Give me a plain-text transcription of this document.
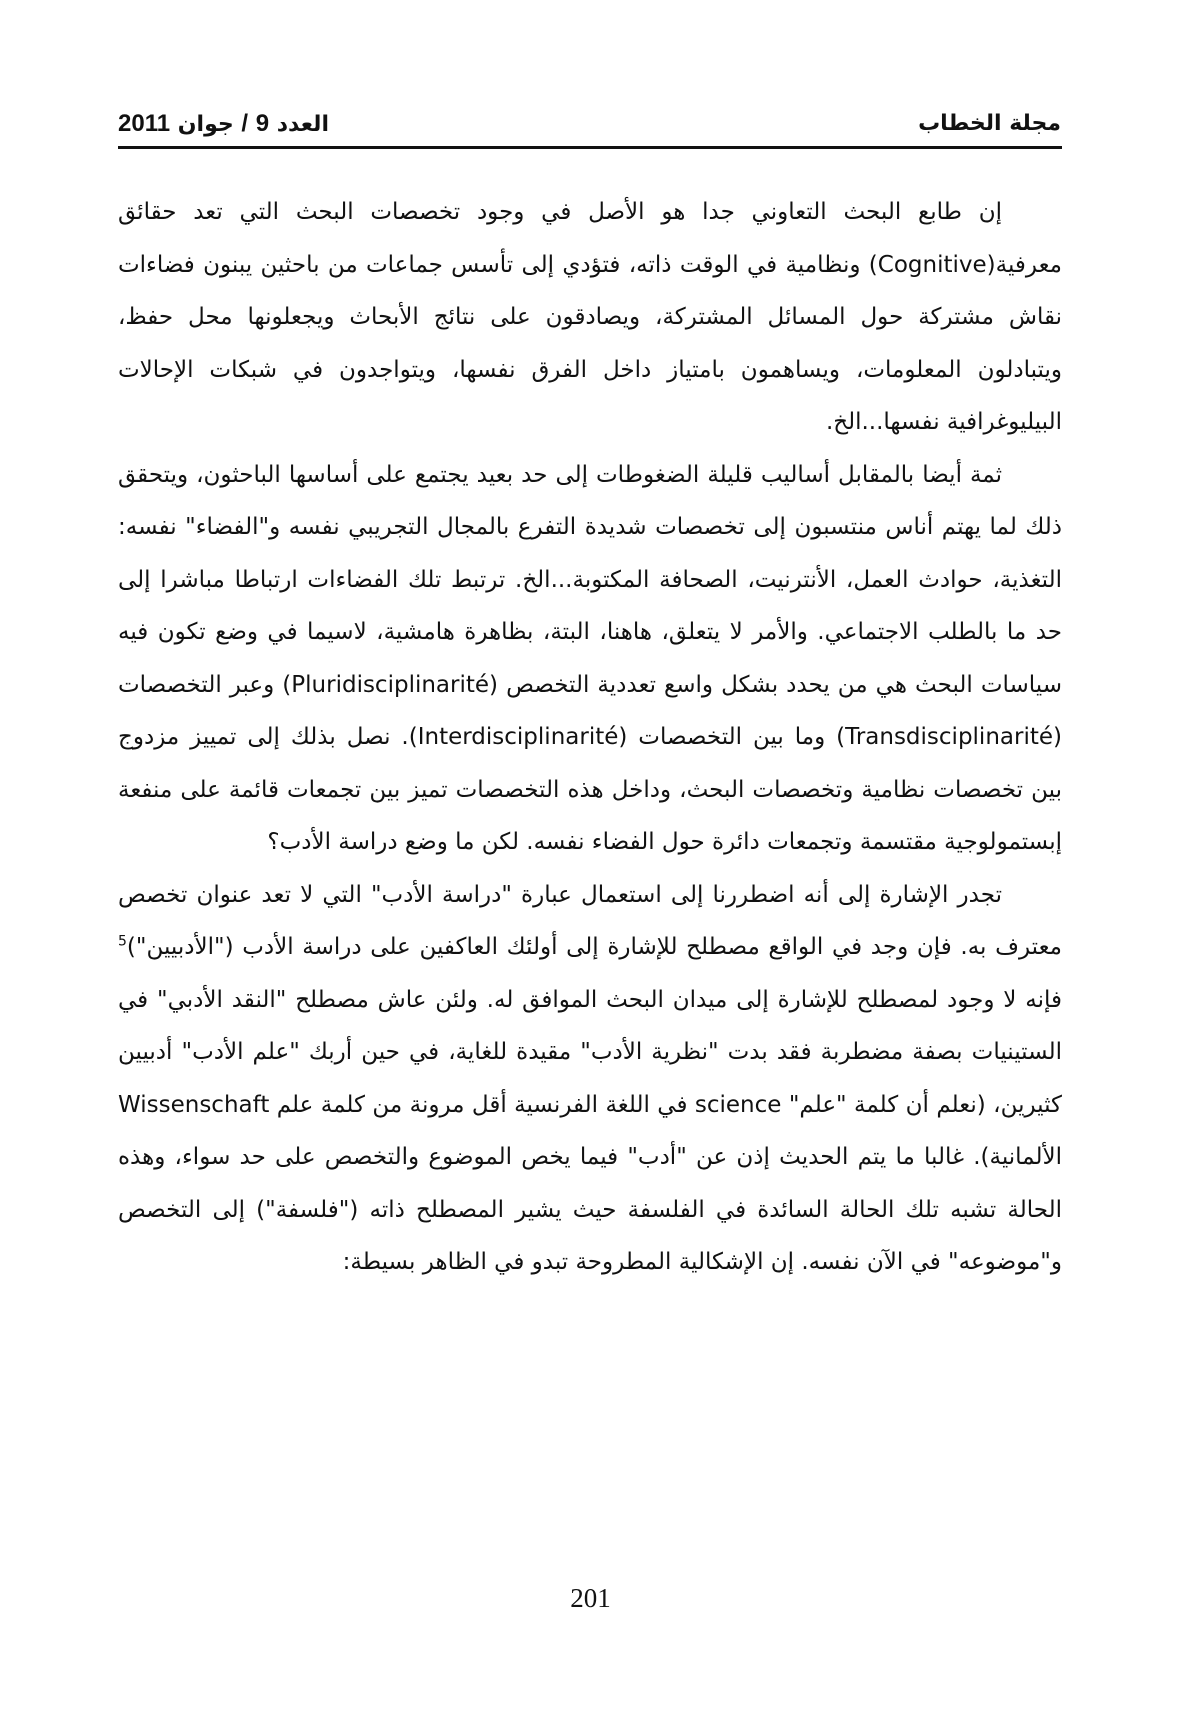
مجلة الخطاب
العدد 9 / جوان 2011

إن طابع البحث التعاوني جدا هو الأصل في وجود تخصصات البحث التي تعد حقائق معرفية(Cognitive) ونظامية في الوقت ذاته، فتؤدي إلى تأسس جماعات من باحثين يبنون فضاءات نقاش مشتركة حول المسائل المشتركة، ويصادقون على نتائج الأبحاث ويجعلونها محل حفظ، ويتبادلون المعلومات، ويساهمون بامتياز داخل الفرق نفسها، ويتواجدون في شبكات الإحالات البيليوغرافية نفسها...الخ.

ثمة أيضا بالمقابل أساليب قليلة الضغوطات إلى حد بعيد يجتمع على أساسها الباحثون، ويتحقق ذلك لما يهتم أناس منتسبون إلى تخصصات شديدة التفرع بالمجال التجريبي نفسه و"الفضاء" نفسه: التغذية، حوادث العمل، الأنترنيت، الصحافة المكتوبة...الخ. ترتبط تلك الفضاءات ارتباطا مباشرا إلى حد ما بالطلب الاجتماعي. والأمر لا يتعلق، هاهنا، البتة، بظاهرة هامشية، لاسيما في وضع تكون فيه سياسات البحث هي من يحدد بشكل واسع تعددية التخصص (Pluridisciplinarité) وعبر التخصصات (Transdisciplinarité) وما بين التخصصات (Interdisciplinarité). نصل بذلك إلى تمييز مزدوج بين تخصصات نظامية وتخصصات البحث، وداخل هذه التخصصات تميز بين تجمعات قائمة على منفعة إبستمولوجية مقتسمة وتجمعات دائرة حول الفضاء نفسه. لكن ما وضع دراسة الأدب؟

تجدر الإشارة إلى أنه اضطررنا إلى استعمال عبارة "دراسة الأدب" التي لا تعد عنوان تخصص معترف به. فإن وجد في الواقع مصطلح للإشارة إلى أولئك العاكفين على دراسة الأدب ("الأدبيين")$^5$ فإنه لا وجود لمصطلح للإشارة إلى ميدان البحث الموافق له. ولئن عاش مصطلح "النقد الأدبي" في الستينيات بصفة مضطربة فقد بدت "نظرية الأدب" مقيدة للغاية، في حين أربك "علم الأدب" أدبيين كثيرين، (نعلم أن كلمة "علم" science في اللغة الفرنسية أقل مرونة من كلمة علم Wissenschaft الألمانية). غالبا ما يتم الحديث إذن عن "أدب" فيما يخص الموضوع والتخصص على حد سواء، وهذه الحالة تشبه تلك الحالة السائدة في الفلسفة حيث يشير المصطلح ذاته ("فلسفة") إلى التخصص و"موضوعه" في الآن نفسه. إن الإشكالية المطروحة تبدو في الظاهر بسيطة:

201
